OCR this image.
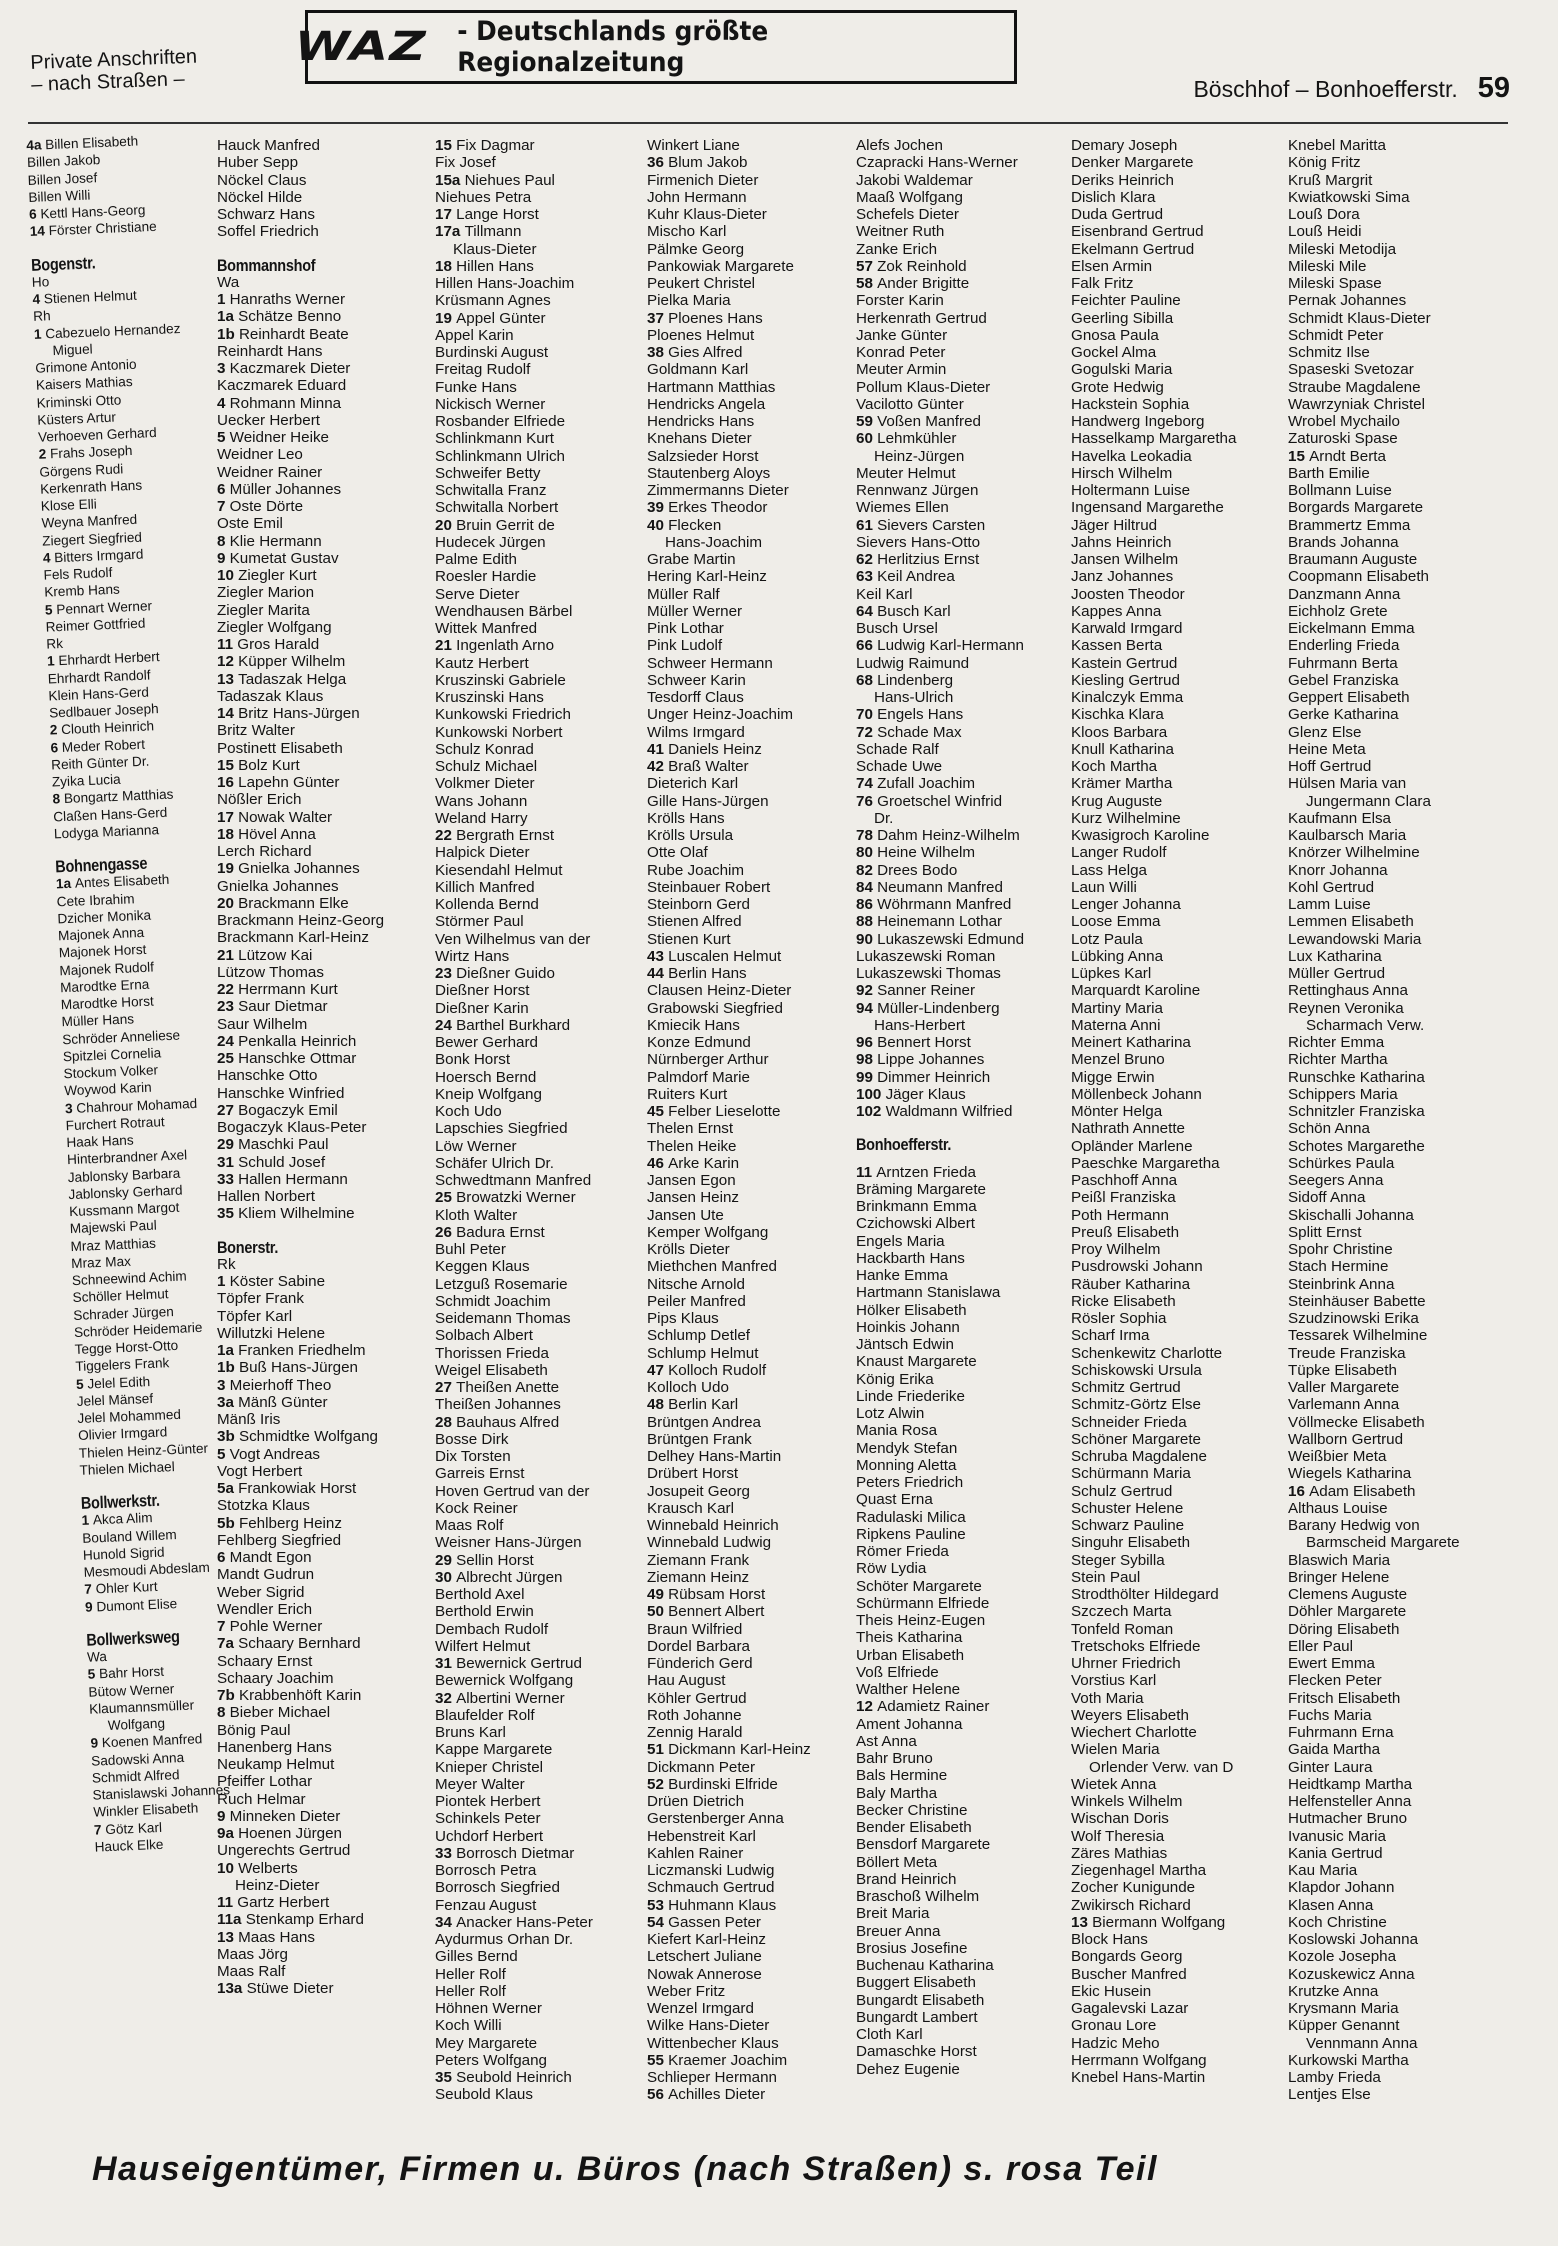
Private Anschriften
– nach Straßen –
WAZ - Deutschlands größte Regionalzeitung
Böschhof – Bonhoefferstr. 59
4a Billen Elisabeth
Billen Jakob
Billen Josef
Billen Willi
6 Kettl Hans-Georg
14 Förster Christiane
Bogenstr.
Ho
4 Stienen Helmut
Rh
1 Cabezuelo Hernandez
Miguel
Grimone Antonio
Kaisers Mathias
Kriminski Otto
Küsters Artur
Verhoeven Gerhard
2 Frahs Joseph
Görgens Rudi
Kerkenrath Hans
Klose Elli
Weyna Manfred
Ziegert Siegfried
4 Bitters Irmgard
Fels Rudolf
Kremb Hans
5 Pennart Werner
Reimer Gottfried
Rk
1 Ehrhardt Herbert
Ehrhardt Randolf
Klein Hans-Gerd
Sedlbauer Joseph
2 Clouth Heinrich
6 Meder Robert
Reith Günter Dr.
Zyika Lucia
8 Bongartz Matthias
Claßen Hans-Gerd
Lodyga Marianna
Bohnengasse
1a Antes Elisabeth
Cete Ibrahim
Dzicher Monika
Majonek Anna
Majonek Horst
Majonek Rudolf
Marodtke Erna
Marodtke Horst
Müller Hans
Schröder Anneliese
Spitzlei Cornelia
Stockum Volker
Woywod Karin
3 Chahrour Mohamad
Furchert Rotraut
Haak Hans
Hinterbrandner Axel
Jablonsky Barbara
Jablonsky Gerhard
Kussmann Margot
Majewski Paul
Mraz Matthias
Mraz Max
Schneewind Achim
Schöller Helmut
Schrader Jürgen
Schröder Heidemarie
Tegge Horst-Otto
Tiggelers Frank
5 Jelel Edith
Jelel Mänsef
Jelel Mohammed
Olivier Irmgard
Thielen Heinz-Günter
Thielen Michael
Bollwerkstr.
1 Akca Alim
Bouland Willem
Hunold Sigrid
Mesmoudi Abdeslam
7 Ohler Kurt
9 Dumont Elise
Bollwerksweg
Wa
5 Bahr Horst
Bütow Werner
Klaumannsmüller
Wolfgang
9 Koenen Manfred
Sadowski Anna
Schmidt Alfred
Stanislawski Johannes
Winkler Elisabeth
7 Götz Karl
Hauck Elke
Hauck Manfred
Huber Sepp
Nöckel Claus
Nöckel Hilde
Schwarz Hans
Soffel Friedrich
Bommannshof
Wa
1 Hanraths Werner
1a Schätze Benno
1b Reinhardt Beate
Reinhardt Hans
3 Kaczmarek Dieter
Kaczmarek Eduard
4 Rohmann Minna
Uecker Herbert
5 Weidner Heike
Weidner Leo
Weidner Rainer
6 Müller Johannes
7 Oste Dörte
Oste Emil
8 Klie Hermann
9 Kumetat Gustav
10 Ziegler Kurt
Ziegler Marion
Ziegler Marita
Ziegler Wolfgang
11 Gros Harald
12 Küpper Wilhelm
13 Tadaszak Helga
Tadaszak Klaus
14 Britz Hans-Jürgen
Britz Walter
Postinett Elisabeth
15 Bolz Kurt
16 Lapehn Günter
Nößler Erich
17 Nowak Walter
18 Hövel Anna
Lerch Richard
19 Gnielka Johannes
Gnielka Johannes
20 Brackmann Elke
Brackmann Heinz-Georg
Brackmann Karl-Heinz
21 Lützow Kai
Lützow Thomas
22 Herrmann Kurt
23 Saur Dietmar
Saur Wilhelm
24 Penkalla Heinrich
25 Hanschke Ottmar
Hanschke Otto
Hanschke Winfried
27 Bogaczyk Emil
Bogaczyk Klaus-Peter
29 Maschki Paul
31 Schuld Josef
33 Hallen Hermann
Hallen Norbert
35 Kliem Wilhelmine
Bonerstr.
Rk
1 Köster Sabine
Töpfer Frank
Töpfer Karl
Willutzki Helene
1a Franken Friedhelm
1b Buß Hans-Jürgen
3 Meierhoff Theo
3a Mänß Günter
Mänß Iris
3b Schmidtke Wolfgang
5 Vogt Andreas
Vogt Herbert
5a Frankowiak Horst
Stotzka Klaus
5b Fehlberg Heinz
Fehlberg Siegfried
6 Mandt Egon
Mandt Gudrun
Weber Sigrid
Wendler Erich
7 Pohle Werner
7a Schaary Bernhard
Schaary Ernst
Schaary Joachim
7b Krabbenhöft Karin
8 Bieber Michael
Bönig Paul
Hanenberg Hans
Neukamp Helmut
Pfeiffer Lothar
Ruch Helmar
9 Minneken Dieter
9a Hoenen Jürgen
Ungerechts Gertrud
10 Welberts
Heinz-Dieter
11 Gartz Herbert
11a Stenkamp Erhard
13 Maas Hans
Maas Jörg
Maas Ralf
13a Stüwe Dieter
15 Fix Dagmar
Fix Josef
15a Niehues Paul
Niehues Petra
17 Lange Horst
17a Tillmann
Klaus-Dieter
18 Hillen Hans
Hillen Hans-Joachim
Krüsmann Agnes
19 Appel Günter
Appel Karin
Burdinski August
Freitag Rudolf
Funke Hans
Nickisch Werner
Rosbander Elfriede
Schlinkmann Kurt
Schlinkmann Ulrich
Schweifer Betty
Schwitalla Franz
Schwitalla Norbert
20 Bruin Gerrit de
Hudecek Jürgen
Palme Edith
Roesler Hardie
Serve Dieter
Wendhausen Bärbel
Wittek Manfred
21 Ingenlath Arno
Kautz Herbert
Kruszinski Gabriele
Kruszinski Hans
Kunkowski Friedrich
Kunkowski Norbert
Schulz Konrad
Schulz Michael
Volkmer Dieter
Wans Johann
Weland Harry
22 Bergrath Ernst
Halpick Dieter
Kiesendahl Helmut
Killich Manfred
Kollenda Bernd
Störmer Paul
Ven Wilhelmus van der
Wirtz Hans
23 Dießner Guido
Dießner Horst
Dießner Karin
24 Barthel Burkhard
Bewer Gerhard
Bonk Horst
Hoersch Bernd
Kneip Wolfgang
Koch Udo
Lapschies Siegfried
Löw Werner
Schäfer Ulrich Dr.
Schwedtmann Manfred
25 Browatzki Werner
Kloth Walter
26 Badura Ernst
Buhl Peter
Keggen Klaus
Letzguß Rosemarie
Schmidt Joachim
Seidemann Thomas
Solbach Albert
Thorissen Frieda
Weigel Elisabeth
27 Theißen Anette
Theißen Johannes
28 Bauhaus Alfred
Bosse Dirk
Dix Torsten
Garreis Ernst
Hoven Gertrud van der
Kock Reiner
Maas Rolf
Weisner Hans-Jürgen
29 Sellin Horst
30 Albrecht Jürgen
Berthold Axel
Berthold Erwin
Dembach Rudolf
Wilfert Helmut
31 Bewernick Gertrud
Bewernick Wolfgang
32 Albertini Werner
Blaufelder Rolf
Bruns Karl
Kappe Margarete
Knieper Christel
Meyer Walter
Piontek Herbert
Schinkels Peter
Uchdorf Herbert
33 Borrosch Dietmar
Borrosch Petra
Borrosch Siegfried
Fenzau August
34 Anacker Hans-Peter
Aydurmus Orhan Dr.
Gilles Bernd
Heller Rolf
Heller Rolf
Höhnen Werner
Koch Willi
Mey Margarete
Peters Wolfgang
35 Seubold Heinrich
Seubold Klaus
Winkert Liane
36 Blum Jakob
Firmenich Dieter
John Hermann
Kuhr Klaus-Dieter
Mischo Karl
Pälmke Georg
Pankowiak Margarete
Peukert Christel
Pielka Maria
37 Ploenes Hans
Ploenes Helmut
38 Gies Alfred
Goldmann Karl
Hartmann Matthias
Hendricks Angela
Hendricks Hans
Knehans Dieter
Salzsieder Horst
Stautenberg Aloys
Zimmermanns Dieter
39 Erkes Theodor
40 Flecken
Hans-Joachim
Grabe Martin
Hering Karl-Heinz
Müller Ralf
Müller Werner
Pink Lothar
Pink Ludolf
Schweer Hermann
Schweer Karin
Tesdorff Claus
Unger Heinz-Joachim
Wilms Irmgard
41 Daniels Heinz
42 Braß Walter
Dieterich Karl
Gille Hans-Jürgen
Krölls Hans
Krölls Ursula
Otte Olaf
Rube Joachim
Steinbauer Robert
Steinborn Gerd
Stienen Alfred
Stienen Kurt
43 Luscalen Helmut
44 Berlin Hans
Clausen Heinz-Dieter
Grabowski Siegfried
Kmiecik Hans
Konze Edmund
Nürnberger Arthur
Palmdorf Marie
Ruiters Kurt
45 Felber Lieselotte
Thelen Ernst
Thelen Heike
46 Arke Karin
Jansen Egon
Jansen Heinz
Jansen Ute
Kemper Wolfgang
Krölls Dieter
Miethchen Manfred
Nitsche Arnold
Peiler Manfred
Pips Klaus
Schlump Detlef
Schlump Helmut
47 Kolloch Rudolf
Kolloch Udo
48 Berlin Karl
Brüntgen Andrea
Brüntgen Frank
Delhey Hans-Martin
Drübert Horst
Josupeit Georg
Krausch Karl
Winnebald Heinrich
Winnebald Ludwig
Ziemann Frank
Ziemann Heinz
49 Rübsam Horst
50 Bennert Albert
Braun Wilfried
Dordel Barbara
Fünderich Gerd
Hau August
Köhler Gertrud
Roth Johanne
Zennig Harald
51 Dickmann Karl-Heinz
Dickmann Peter
52 Burdinski Elfride
Drüen Dietrich
Gerstenberger Anna
Hebenstreit Karl
Kahlen Rainer
Liczmanski Ludwig
Schmauch Gertrud
53 Huhmann Klaus
54 Gassen Peter
Kiefert Karl-Heinz
Letschert Juliane
Nowak Annerose
Weber Fritz
Wenzel Irmgard
Wilke Hans-Dieter
Wittenbecher Klaus
55 Kraemer Joachim
Schlieper Hermann
56 Achilles Dieter
Alefs Jochen
Czapracki Hans-Werner
Jakobi Waldemar
Maaß Wolfgang
Schefels Dieter
Weitner Ruth
Zanke Erich
57 Zok Reinhold
58 Ander Brigitte
Forster Karin
Herkenrath Gertrud
Janke Günter
Konrad Peter
Meuter Armin
Pollum Klaus-Dieter
Vacilotto Günter
59 Voßen Manfred
60 Lehmkühler
Heinz-Jürgen
Meuter Helmut
Rennwanz Jürgen
Wiemes Ellen
61 Sievers Carsten
Sievers Hans-Otto
62 Herlitzius Ernst
63 Keil Andrea
Keil Karl
64 Busch Karl
Busch Ursel
66 Ludwig Karl-Hermann
Ludwig Raimund
68 Lindenberg
Hans-Ulrich
70 Engels Hans
72 Schade Max
Schade Ralf
Schade Uwe
74 Zufall Joachim
76 Groetschel Winfrid
Dr.
78 Dahm Heinz-Wilhelm
80 Heine Wilhelm
82 Drees Bodo
84 Neumann Manfred
86 Wöhrmann Manfred
88 Heinemann Lothar
90 Lukaszewski Edmund
Lukaszewski Roman
Lukaszewski Thomas
92 Sanner Reiner
94 Müller-Lindenberg
Hans-Herbert
96 Bennert Horst
98 Lippe Johannes
99 Dimmer Heinrich
100 Jäger Klaus
102 Waldmann Wilfried
Bonhoefferstr.
11 Arntzen Frieda
Bräming Margarete
Brinkmann Emma
Czichowski Albert
Engels Maria
Hackbarth Hans
Hanke Emma
Hartmann Stanislawa
Hölker Elisabeth
Hoinkis Johann
Jäntsch Edwin
Knaust Margarete
König Erika
Linde Friederike
Lotz Alwin
Mania Rosa
Mendyk Stefan
Monning Aletta
Peters Friedrich
Quast Erna
Radulaski Milica
Ripkens Pauline
Römer Frieda
Röw Lydia
Schöter Margarete
Schürmann Elfriede
Theis Heinz-Eugen
Theis Katharina
Urban Elisabeth
Voß Elfriede
Walther Helene
12 Adamietz Rainer
Ament Johanna
Ast Anna
Bahr Bruno
Bals Hermine
Baly Martha
Becker Christine
Bender Elisabeth
Bensdorf Margarete
Böllert Meta
Brand Heinrich
Braschoß Wilhelm
Breit Maria
Breuer Anna
Brosius Josefine
Buchenau Katharina
Buggert Elisabeth
Bungardt Elisabeth
Bungardt Lambert
Cloth Karl
Damaschke Horst
Dehez Eugenie
Demary Joseph
Denker Margarete
Deriks Heinrich
Dislich Klara
Duda Gertrud
Eisenbrand Gertrud
Ekelmann Gertrud
Elsen Armin
Falk Fritz
Feichter Pauline
Geerling Sibilla
Gnosa Paula
Gockel Alma
Gogulski Maria
Grote Hedwig
Hackstein Sophia
Handwerg Ingeborg
Hasselkamp Margaretha
Havelka Leokadia
Hirsch Wilhelm
Holtermann Luise
Ingensand Margarethe
Jäger Hiltrud
Jahns Heinrich
Jansen Wilhelm
Janz Johannes
Joosten Theodor
Kappes Anna
Karwald Irmgard
Kassen Berta
Kastein Gertrud
Kiesling Gertrud
Kinalczyk Emma
Kischka Klara
Kloos Barbara
Knull Katharina
Koch Martha
Krämer Martha
Krug Auguste
Kurz Wilhelmine
Kwasigroch Karoline
Langer Rudolf
Lass Helga
Laun Willi
Lenger Johanna
Loose Emma
Lotz Paula
Lübking Anna
Lüpkes Karl
Marquardt Karoline
Martiny Maria
Materna Anni
Meinert Katharina
Menzel Bruno
Migge Erwin
Möllenbeck Johann
Mönter Helga
Nathrath Annette
Opländer Marlene
Paeschke Margaretha
Paschhoff Anna
Peißl Franziska
Poth Hermann
Preuß Elisabeth
Proy Wilhelm
Pusdrowski Johann
Räuber Katharina
Ricke Elisabeth
Rösler Sophia
Scharf Irma
Schenkewitz Charlotte
Schiskowski Ursula
Schmitz Gertrud
Schmitz-Görtz Else
Schneider Frieda
Schöner Margarete
Schruba Magdalene
Schürmann Maria
Schulz Gertrud
Schuster Helene
Schwarz Pauline
Singuhr Elisabeth
Steger Sybilla
Stein Paul
Strodthölter Hildegard
Szczech Marta
Tonfeld Roman
Tretschoks Elfriede
Uhrner Friedrich
Vorstius Karl
Voth Maria
Weyers Elisabeth
Wiechert Charlotte
Wielen Maria
Orlender Verw. van D
Wietek Anna
Winkels Wilhelm
Wischan Doris
Wolf Theresia
Zäres Mathias
Ziegenhagel Martha
Zocher Kunigunde
Zwikirsch Richard
13 Biermann Wolfgang
Block Hans
Bongards Georg
Buscher Manfred
Ekic Husein
Gagalevski Lazar
Gronau Lore
Hadzic Meho
Herrmann Wolfgang
Knebel Hans-Martin
Knebel Maritta
König Fritz
Kruß Margrit
Kwiatkowski Sima
Louß Dora
Louß Heidi
Mileski Metodija
Mileski Mile
Mileski Spase
Pernak Johannes
Schmidt Klaus-Dieter
Schmidt Peter
Schmitz Ilse
Spaseski Svetozar
Straube Magdalene
Wawrzyniak Christel
Wrobel Mychailo
Zaturoski Spase
15 Arndt Berta
Barth Emilie
Bollmann Luise
Borgards Margarete
Brammertz Emma
Brands Johanna
Braumann Auguste
Coopmann Elisabeth
Danzmann Anna
Eichholz Grete
Eickelmann Emma
Enderling Frieda
Fuhrmann Berta
Gebel Franziska
Geppert Elisabeth
Gerke Katharina
Glenz Else
Heine Meta
Hoff Gertrud
Hülsen Maria van
Jungermann Clara
Kaufmann Elsa
Kaulbarsch Maria
Knörzer Wilhelmine
Knorr Johanna
Kohl Gertrud
Lamm Luise
Lemmen Elisabeth
Lewandowski Maria
Lux Katharina
Müller Gertrud
Rettinghaus Anna
Reynen Veronika
Scharmach Verw.
Richter Emma
Richter Martha
Runschke Katharina
Schippers Maria
Schnitzler Franziska
Schön Anna
Schotes Margarethe
Schürkes Paula
Seegers Anna
Sidoff Anna
Skischalli Johanna
Splitt Ernst
Spohr Christine
Stach Hermine
Steinbrink Anna
Steinhäuser Babette
Szudzinowski Erika
Tessarek Wilhelmine
Treude Franziska
Tüpke Elisabeth
Valler Margarete
Varlemann Anna
Völlmecke Elisabeth
Wallborn Gertrud
Weißbier Meta
Wiegels Katharina
16 Adam Elisabeth
Althaus Louise
Barany Hedwig von
Barmscheid Margarete
Blaswich Maria
Bringer Helene
Clemens Auguste
Döhler Margarete
Döring Elisabeth
Eller Paul
Ewert Emma
Flecken Peter
Fritsch Elisabeth
Fuchs Maria
Fuhrmann Erna
Gaida Martha
Ginter Laura
Heidtkamp Martha
Helfensteller Anna
Hutmacher Bruno
Ivanusic Maria
Kania Gertrud
Kau Maria
Klapdor Johann
Klasen Anna
Koch Christine
Koslowski Johanna
Kozole Josepha
Kozuskewicz Anna
Krutzke Anna
Krysmann Maria
Küpper Genannt
Vennmann Anna
Kurkowski Martha
Lamby Frieda
Lentjes Else
Hauseigentümer, Firmen u. Büros (nach Straßen) s. rosa Teil
